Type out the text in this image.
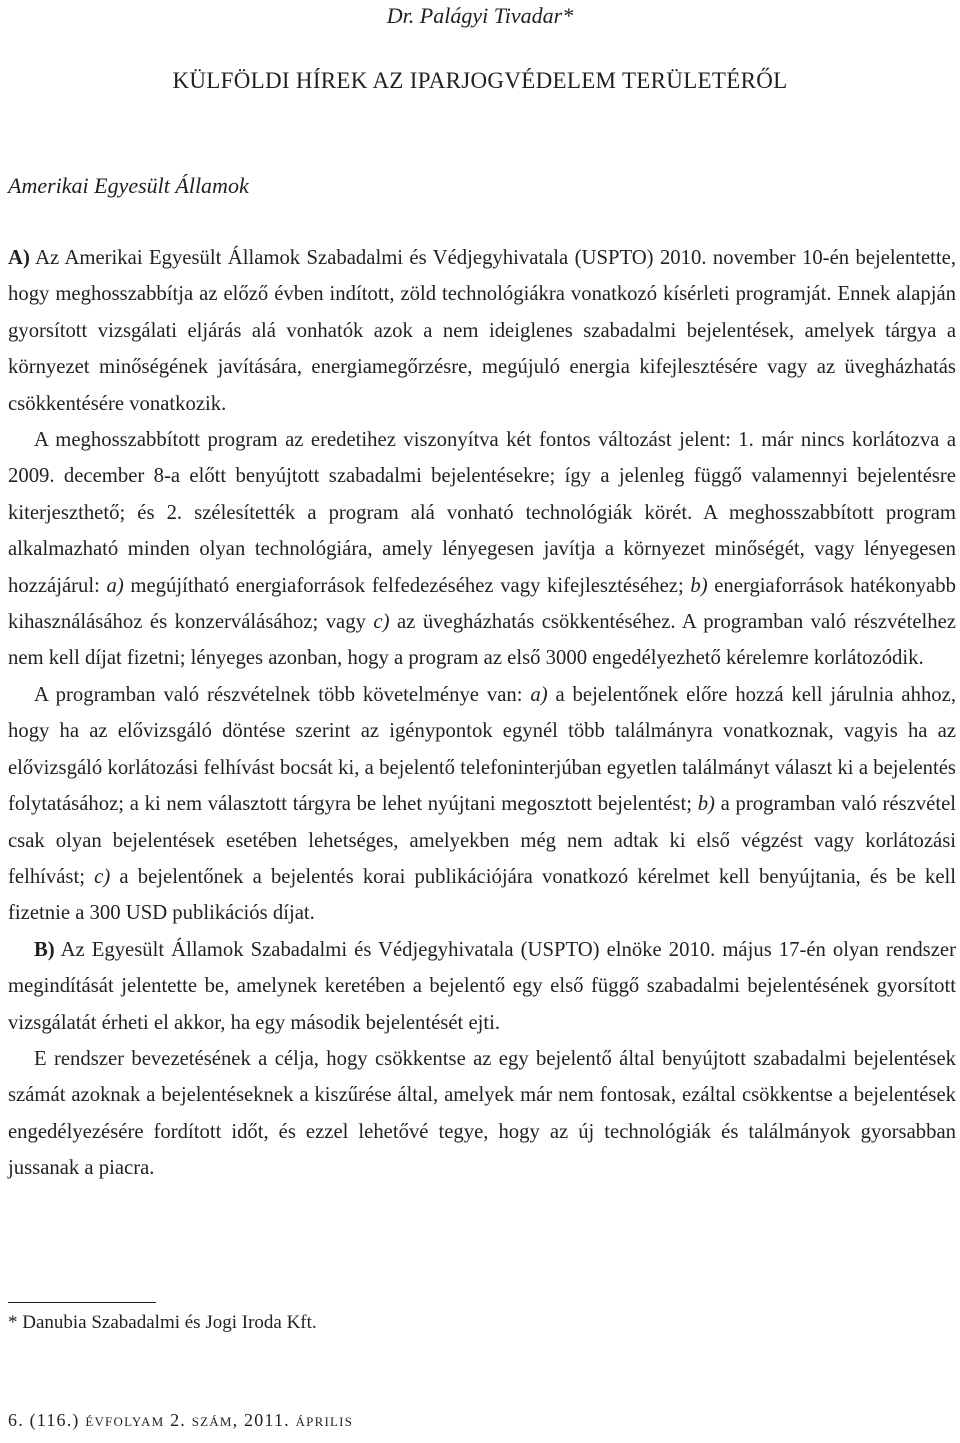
Dr. Palágyi Tivadar*
KÜLFÖLDI HÍREK AZ IPARJOGVÉDELEM TERÜLETÉRŐL
Amerikai Egyesült Államok

A) Az Amerikai Egyesült Államok Szabadalmi és Védjegyhivatala (USPTO) 2010. november 10-én bejelentette, hogy meghosszabbítja az előző évben indított, zöld technológiákra vonatkozó kísérleti programját. Ennek alapján gyorsított vizsgálati eljárás alá vonhatók azok a nem ideiglenes szabadalmi bejelentések, amelyek tárgya a környezet minőségének javítására, energiamegőrzésre, megújuló energia kifejlesztésére vagy az üvegházhatás csökkentésére vonatkozik.

A meghosszabbított program az eredetihez viszonyítva két fontos változást jelent: 1. már nincs korlátozva a 2009. december 8-a előtt benyújtott szabadalmi bejelentésekre; így a jelenleg függő valamennyi bejelentésre kiterjeszthető; és 2. szélesítették a program alá vonható technológiák körét. A meghosszabbított program alkalmazható minden olyan technológiára, amely lényegesen javítja a környezet minőségét, vagy lényegesen hozzájárul: a) megújítható energiaforrások felfedezéséhez vagy kifejlesztéséhez; b) energiaforrások hatékonyabb kihasználásához és konzerválásához; vagy c) az üvegházhatás csökkentéséhez. A programban való részvételhez nem kell díjat fizetni; lényeges azonban, hogy a program az első 3000 engedélyezhető kérelemre korlátozódik.

A programban való részvételnek több követelménye van: a) a bejelentőnek előre hozzá kell járulnia ahhoz, hogy ha az elővizsgáló döntése szerint az igénypontok egynél több találmányra vonatkoznak, vagyis ha az elővizsgáló korlátozási felhívást bocsát ki, a bejelentő telefoninterjúban egyetlen találmányt választ ki a bejelentés folytatásához; a ki nem választott tárgyra be lehet nyújtani megosztott bejelentést; b) a programban való részvétel csak olyan bejelentések esetében lehetséges, amelyekben még nem adtak ki első végzést vagy korlátozási felhívást; c) a bejelentőnek a bejelentés korai publikációjára vonatkozó kérelmet kell benyújtania, és be kell fizetnie a 300 USD publikációs díjat.

B) Az Egyesült Államok Szabadalmi és Védjegyhivatala (USPTO) elnöke 2010. május 17-én olyan rendszer megindítását jelentette be, amelynek keretében a bejelentő egy első függő szabadalmi bejelentésének gyorsított vizsgálatát érheti el akkor, ha egy második bejelentését ejti.

E rendszer bevezetésének a célja, hogy csökkentse az egy bejelentő által benyújtott szabadalmi bejelentések számát azoknak a bejelentéseknek a kiszűrése által, amelyek már nem fontosak, ezáltal csökkentse a bejelentések engedélyezésére fordított időt, és ezzel lehetővé tegye, hogy az új technológiák és találmányok gyorsabban jussanak a piacra.

* Danubia Szabadalmi és Jogi Iroda Kft.
6. (116.) évfolyam 2. szám, 2011. április
